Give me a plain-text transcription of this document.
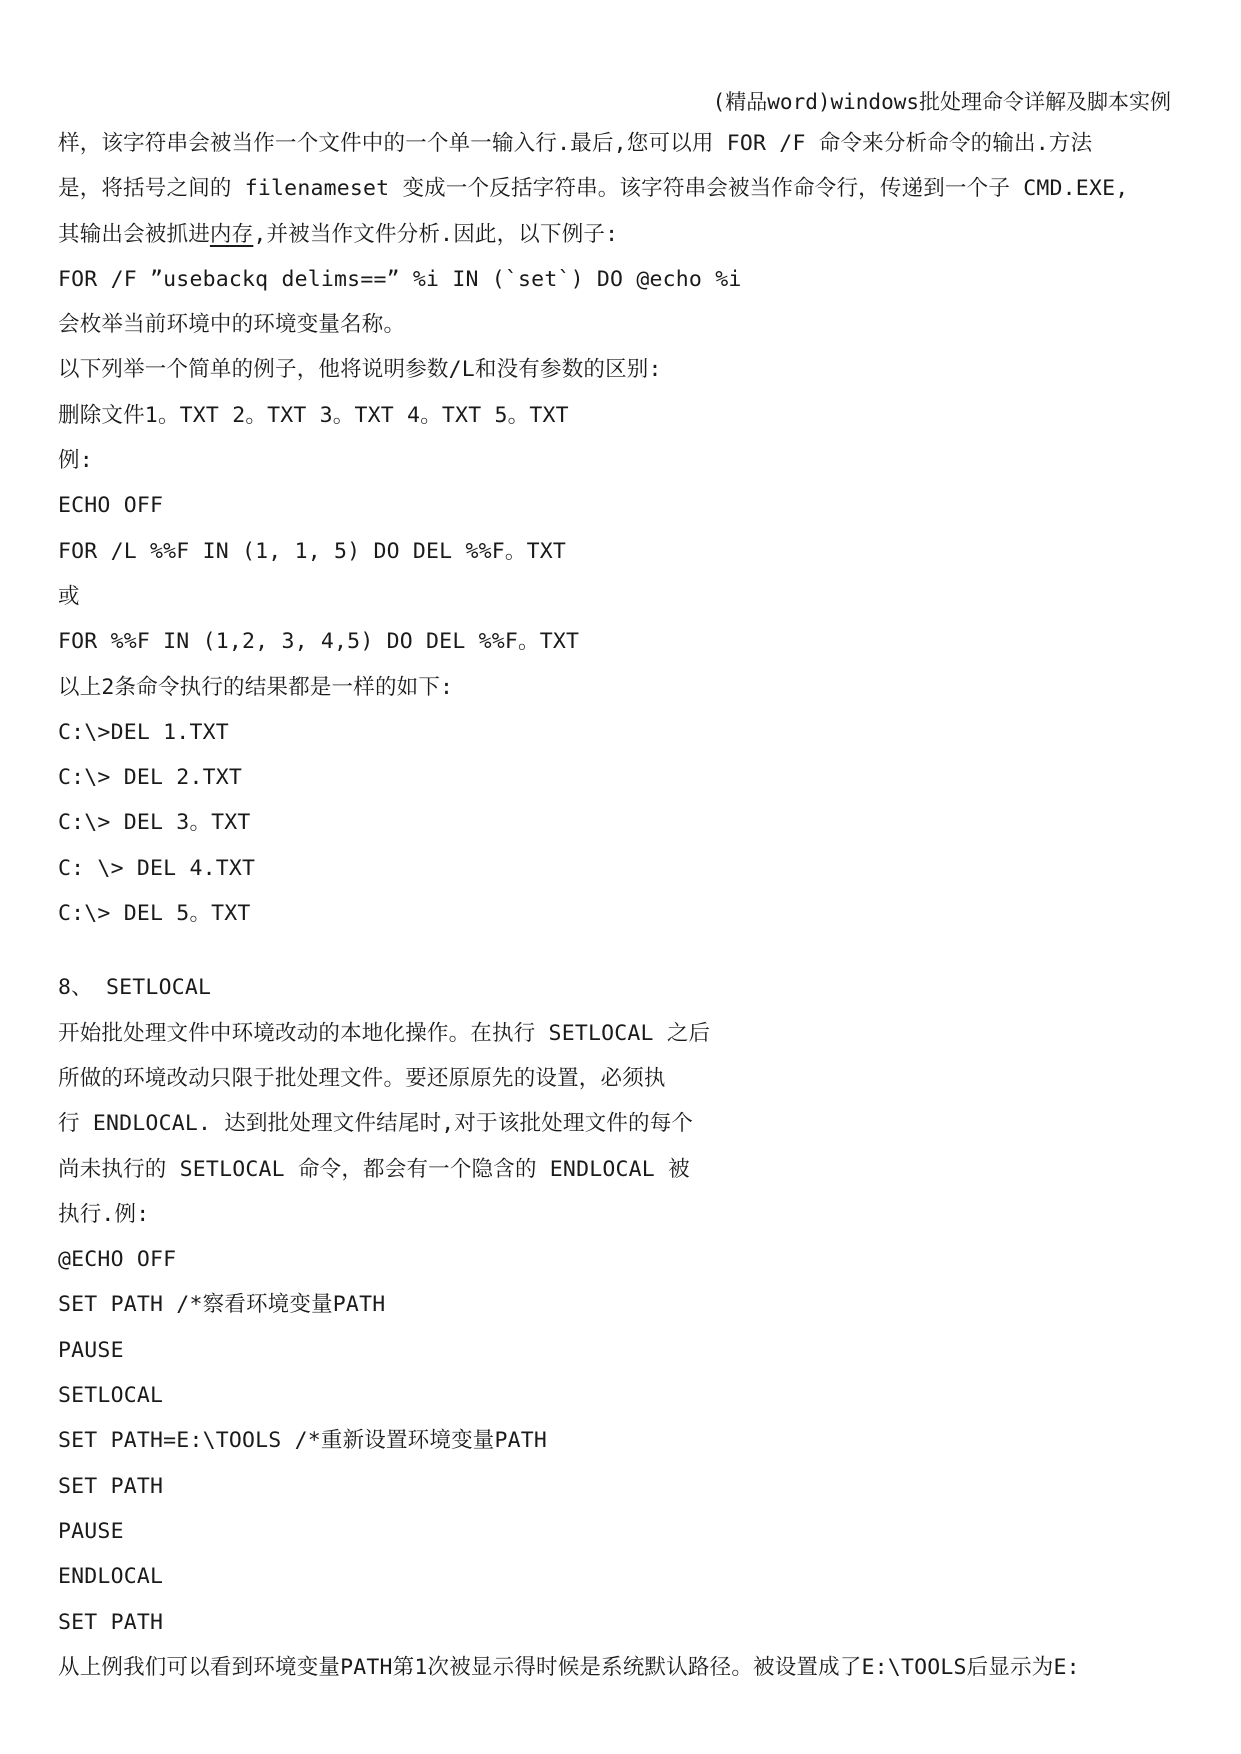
(精品word)windows批处理命令详解及脚本实例
样，该字符串会被当作一个文件中的一个单一输入行.最后,您可以用 FOR /F 命令来分析命令的输出.方法
是，将括号之间的 filenameset 变成一个反括字符串。该字符串会被当作命令行，传递到一个子 CMD.EXE,
其输出会被抓进内存,并被当作文件分析.因此，以下例子:
FOR /F ”usebackq delims==” %i IN (`set`) DO @echo %i
会枚举当前环境中的环境变量名称。
以下列举一个简单的例子，他将说明参数/L和没有参数的区别:
删除文件1。TXT 2。TXT 3。TXT 4。TXT 5。TXT
例:
ECHO OFF
FOR /L %%F IN (1, 1, 5) DO DEL %%F。TXT
或
FOR %%F IN (1,2, 3, 4,5) DO DEL %%F。TXT
以上2条命令执行的结果都是一样的如下:
C:\>DEL 1.TXT
C:\> DEL 2.TXT
C:\> DEL 3。TXT
C: \> DEL 4.TXT
C:\> DEL 5。TXT
8、 SETLOCAL
开始批处理文件中环境改动的本地化操作。在执行 SETLOCAL 之后
所做的环境改动只限于批处理文件。要还原原先的设置，必须执
行 ENDLOCAL. 达到批处理文件结尾时,对于该批处理文件的每个
尚未执行的 SETLOCAL 命令，都会有一个隐含的 ENDLOCAL 被
执行.例:
@ECHO OFF
SET PATH /*察看环境变量PATH
PAUSE
SETLOCAL
SET PATH=E:\TOOLS /*重新设置环境变量PATH
SET PATH
PAUSE
ENDLOCAL
SET PATH
从上例我们可以看到环境变量PATH第1次被显示得时候是系统默认路径。被设置成了E:\TOOLS后显示为E:
